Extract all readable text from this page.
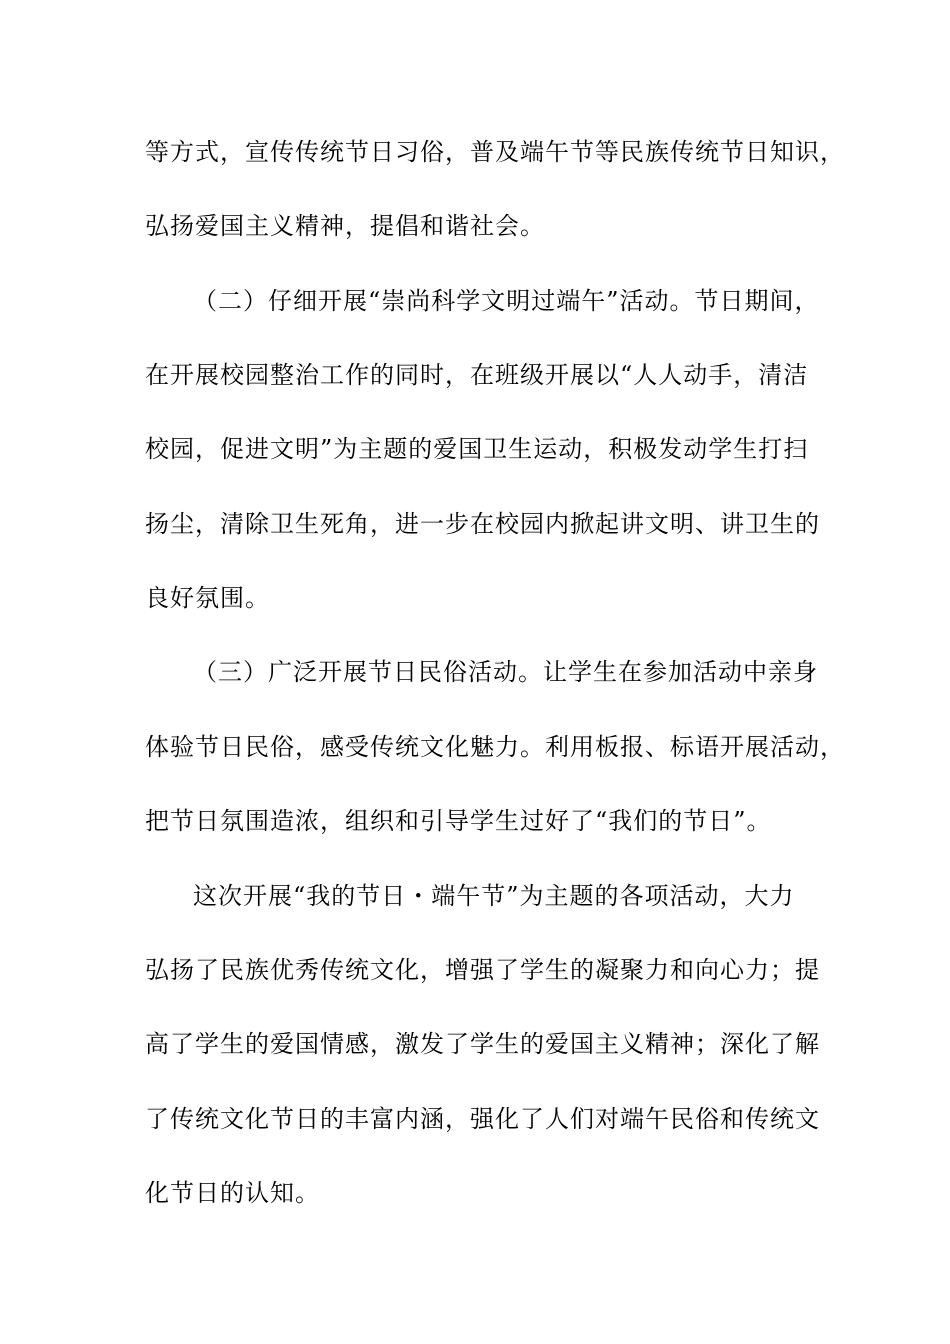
等方式，宣传传统节日习俗，普及端午节等民族传统节日知识，
弘扬爱国主义精神，提倡和谐社会。
（二）仔细开展“崇尚科学文明过端午”活动。节日期间，
在开展校园整治工作的同时，在班级开展以“人人动手，清洁
校园，促进文明”为主题的爱国卫生运动，积极发动学生打扫
扬尘，清除卫生死角，进一步在校园内掀起讲文明、讲卫生的
良好氛围。
（三）广泛开展节日民俗活动。让学生在参加活动中亲身
体验节日民俗，感受传统文化魅力。利用板报、标语开展活动，
把节日氛围造浓，组织和引导学生过好了“我们的节日”。
这次开展“我的节日・端午节”为主题的各项活动，大力
弘扬了民族优秀传统文化，增强了学生的凝聚力和向心力；提
高了学生的爱国情感，激发了学生的爱国主义精神；深化了解
了传统文化节日的丰富内涵，强化了人们对端午民俗和传统文
化节日的认知。
